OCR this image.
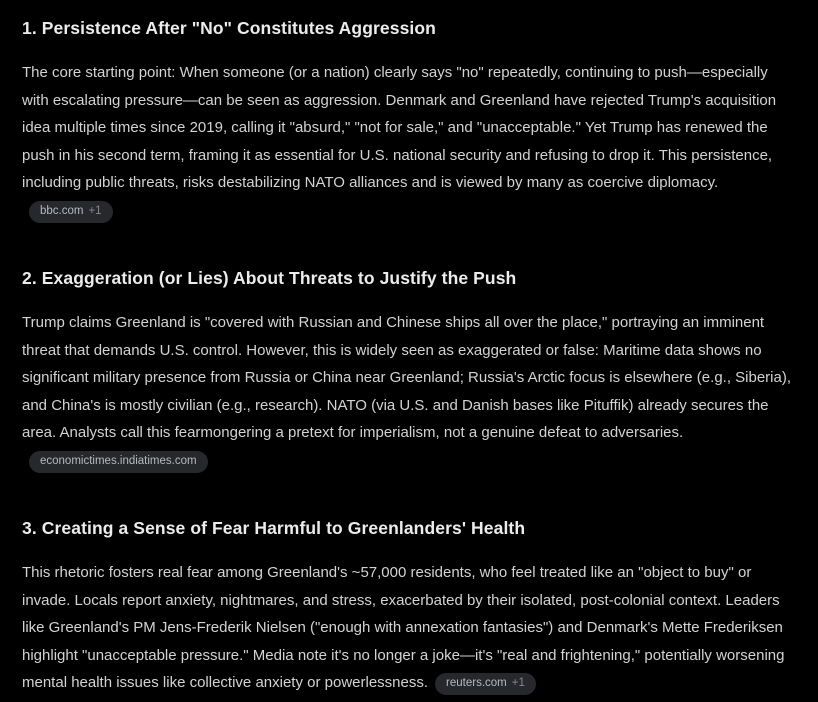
1. Persistence After "No" Constitutes Aggression

The core starting point: When someone (or a nation) clearly says "no" repeatedly, continuing to push—especially with escalating pressure—can be seen as aggression. Denmark and Greenland have rejected Trump's acquisition idea multiple times since 2019, calling it "absurd," "not for sale," and "unacceptable." Yet Trump has renewed the push in his second term, framing it as essential for U.S. national security and refusing to drop it. This persistence, including public threats, risks destabilizing NATO alliances and is viewed by many as coercive diplomacy.
bbc.com +1

2. Exaggeration (or Lies) About Threats to Justify the Push

Trump claims Greenland is "covered with Russian and Chinese ships all over the place," portraying an imminent threat that demands U.S. control. However, this is widely seen as exaggerated or false: Maritime data shows no significant military presence from Russia or China near Greenland; Russia's Arctic focus is elsewhere (e.g., Siberia), and China's is mostly civilian (e.g., research). NATO (via U.S. and Danish bases like Pituffik) already secures the area. Analysts call this fearmongering a pretext for imperialism, not a genuine defeat to adversaries.
economictimes.indiatimes.com

3. Creating a Sense of Fear Harmful to Greenlanders' Health

This rhetoric fosters real fear among Greenland's ~57,000 residents, who feel treated like an "object to buy" or invade. Locals report anxiety, nightmares, and stress, exacerbated by their isolated, post-colonial context. Leaders like Greenland's PM Jens-Frederik Nielsen ("enough with annexation fantasies") and Denmark's Mette Frederiksen highlight "unacceptable pressure." Media note it's no longer a joke—it's "real and frightening," potentially worsening mental health issues like collective anxiety or powerlessness. reuters.com +1
